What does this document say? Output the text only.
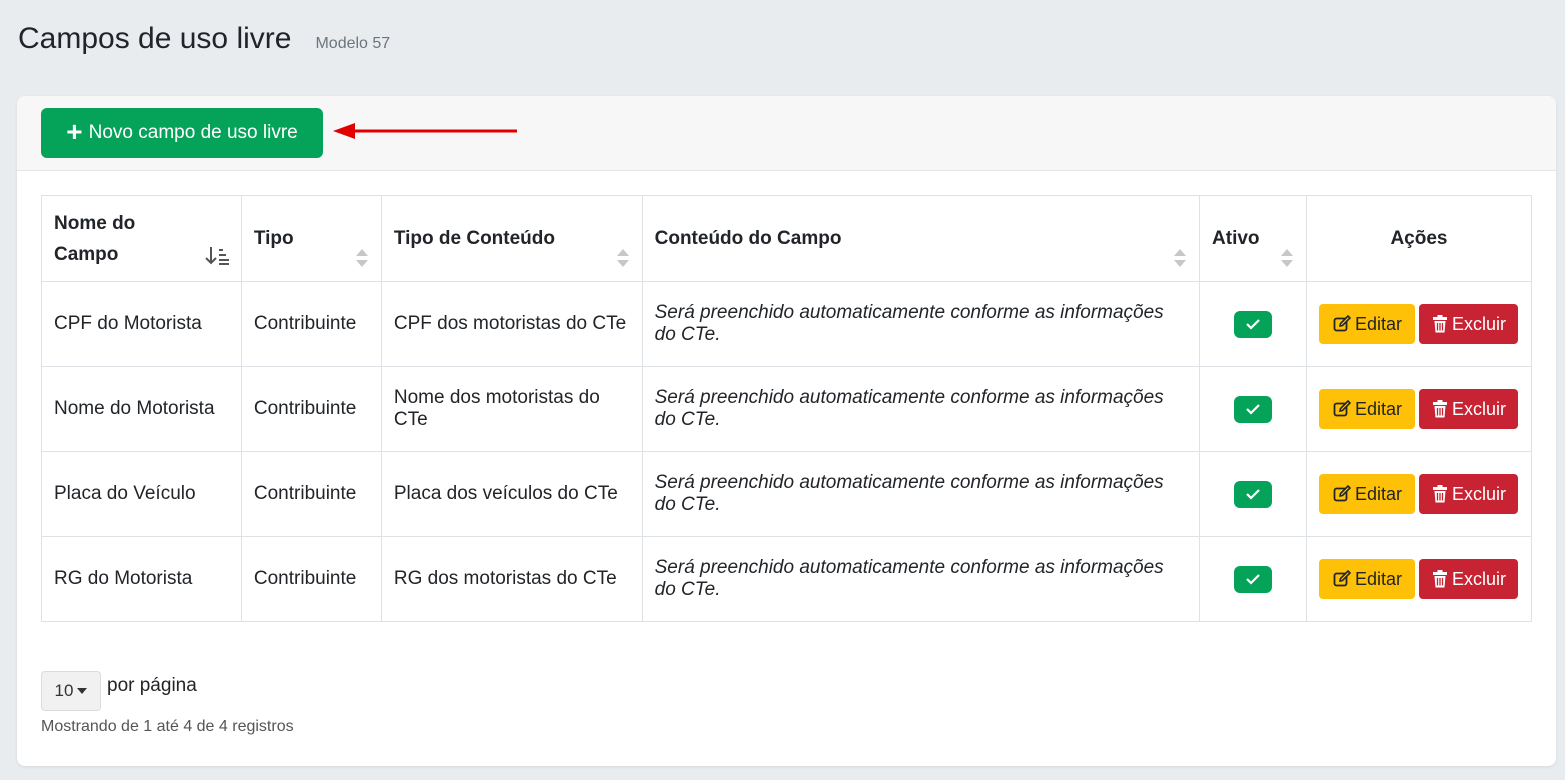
Campos de uso livre Modelo 57
+ Novo campo de uso livre
Nome do Campo	Tipo	Tipo de Conteúdo	Conteúdo do Campo	Ativo	Ações
CPF do Motorista	Contribuinte	CPF dos motoristas do CTe	Será preenchido automaticamente conforme as informações do CTe.		Editar Excluir

Nome do Motorista	Contribuinte	Nome dos motoristas do CTe	Será preenchido automaticamente conforme as informações do CTe.		Editar Excluir

Placa do Veículo	Contribuinte	Placa dos veículos do CTe	Será preenchido automaticamente conforme as informações do CTe.		Editar Excluir

RG do Motorista	Contribuinte	RG dos motoristas do CTe	Será preenchido automaticamente conforme as informações do CTe.		Editar Excluir
10 por página
Mostrando de 1 até 4 de 4 registros
